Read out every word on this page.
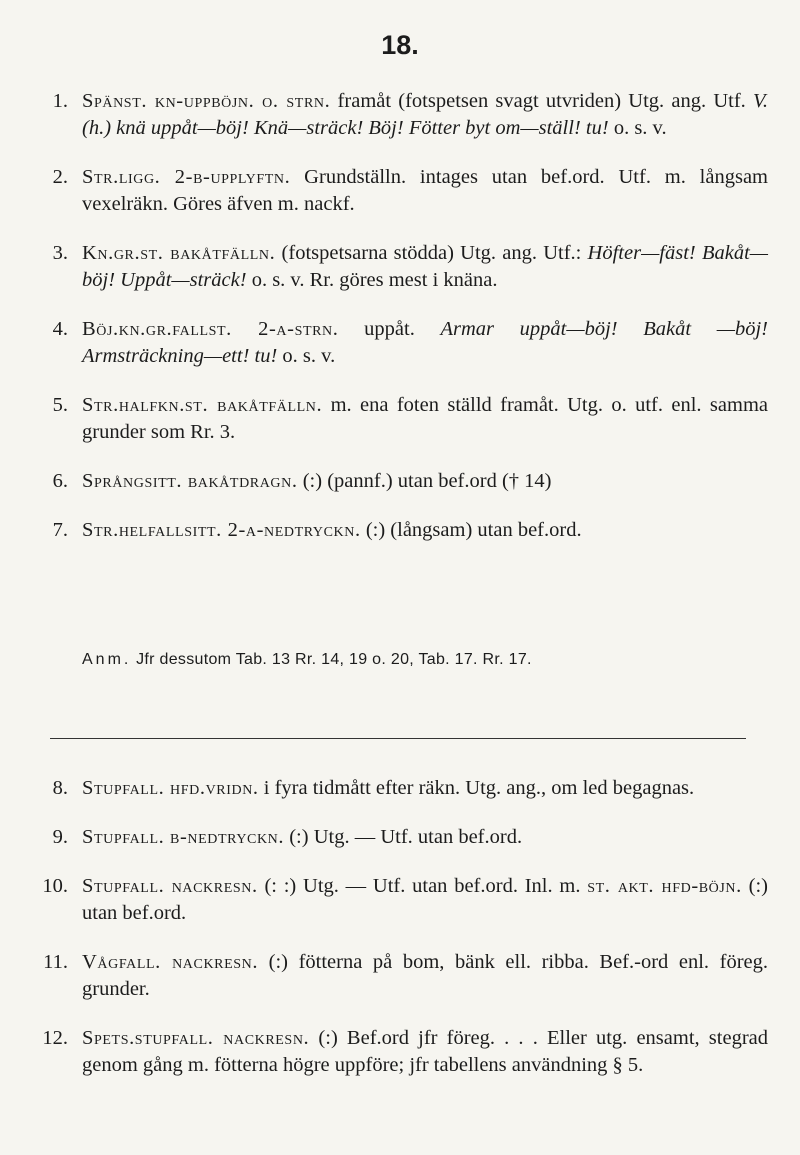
18.
1. Spänst. kn-uppböjn. o. strn. framåt (fotspetsen svagt utvriden) Utg. ang. Utf. V. (h.) knä uppåt—böj! Knä—sträck! Böj! Fötter byt om—ställ! tu! o. s. v.
2. Str.ligg. 2-b-upplyftn. Grundställn. intages utan bef.ord. Utf. m. långsam vexelräkn. Göres äfven m. nackf.
3. Kn.gr.st. bakåtfälln. (fotspetsarna stödda) Utg. ang. Utf.: Höfter—fäst! Bakåt—böj! Uppåt—sträck! o. s. v. Rr. göres mest i knäna.
4. Böj.kn.gr.fallst. 2-a-strn. uppåt. Armar uppåt—böj! Bakåt —böj! Armsträckning—ett! tu! o. s. v.
5. Str.halfkn.st. bakåtfälln. m. ena foten ställd framåt. Utg. o. utf. enl. samma grunder som Rr. 3.
6. Språngsitt. bakåtdragn. (:) (pannf.) utan bef.ord († 14)
7. Str.helfallsitt. 2-a-nedtryckn. (:) (långsam) utan bef.ord.
Anm. Jfr dessutom Tab. 13 Rr. 14, 19 o. 20, Tab. 17. Rr. 17.
8. Stupfall. hfd.vridn. i fyra tidmått efter räkn. Utg. ang., om led begagnas.
9. Stupfall. b-nedtryckn. (:) Utg. — Utf. utan bef.ord.
10. Stupfall. nackresn. (: :) Utg. — Utf. utan bef.ord. Inl. m. st. akt. hfd-böjn. (:) utan bef.ord.
11. Vågfall. nackresn. (:) fötterna på bom, bänk ell. ribba. Bef.-ord enl. föreg. grunder.
12. Spets.stupfall. nackresn. (:) Bef.ord jfr föreg. . . . Eller utg. ensamt, stegrad genom gång m. fötterna högre uppföre; jfr tabellens användning § 5.
